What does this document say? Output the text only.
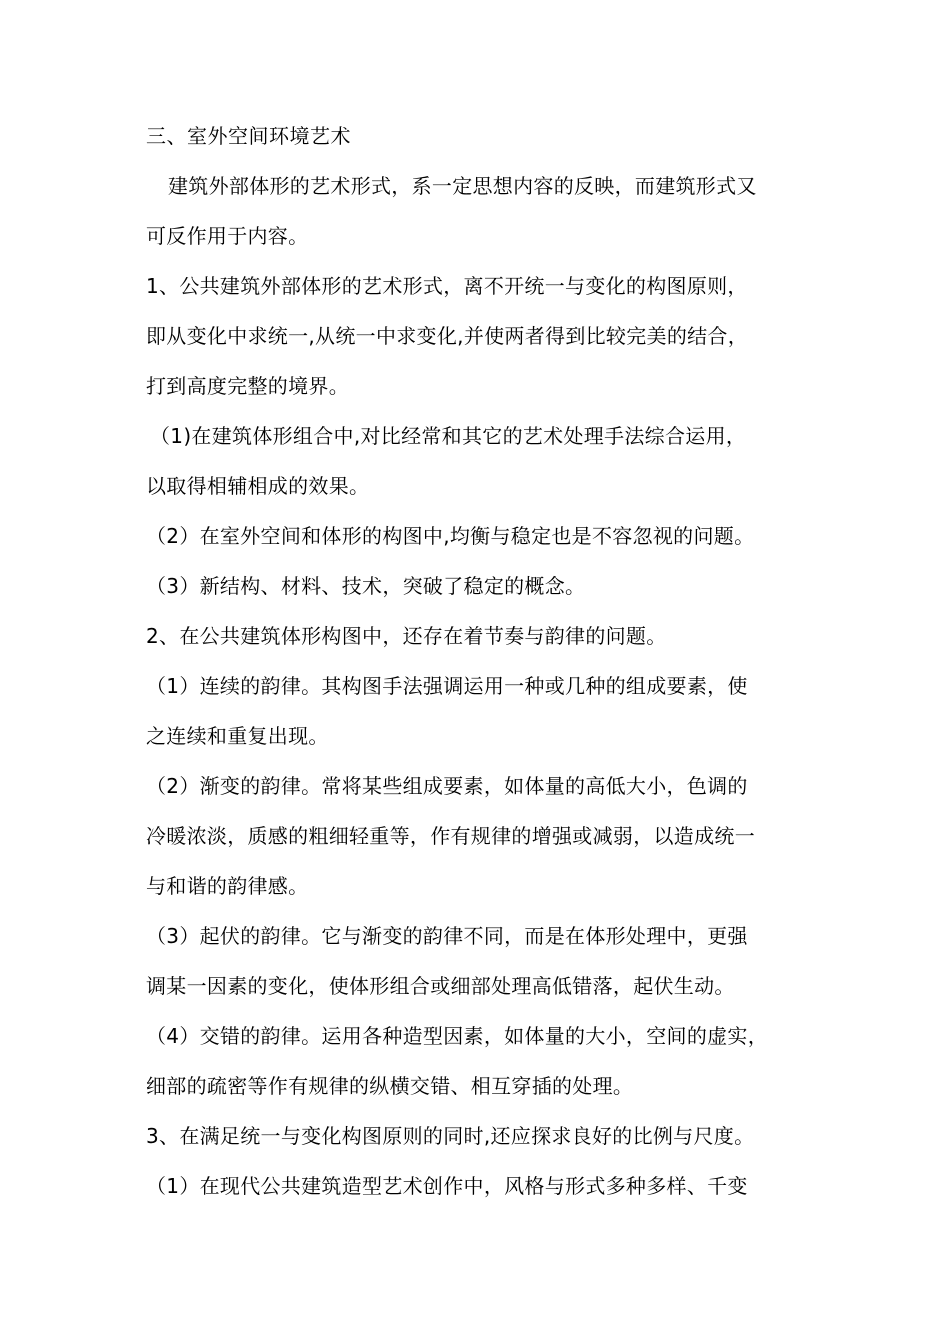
三、室外空间环境艺术
建筑外部体形的艺术形式，系一定思想内容的反映，而建筑形式又
可反作用于内容。
1、公共建筑外部体形的艺术形式，离不开统一与变化的构图原则，
即从变化中求统一,从统一中求变化,并使两者得到比较完美的结合，
打到高度完整的境界。
（1)在建筑体形组合中,对比经常和其它的艺术处理手法综合运用，
以取得相辅相成的效果。
（2）在室外空间和体形的构图中,均衡与稳定也是不容忽视的问题。
（3）新结构、材料、技术，突破了稳定的概念。
2、在公共建筑体形构图中，还存在着节奏与韵律的问题。
（1）连续的韵律。其构图手法强调运用一种或几种的组成要素，使
之连续和重复出现。
（2）渐变的韵律。常将某些组成要素，如体量的高低大小，色调的
冷暖浓淡，质感的粗细轻重等，作有规律的增强或减弱，以造成统一
与和谐的韵律感。
（3）起伏的韵律。它与渐变的韵律不同，而是在体形处理中，更强
调某一因素的变化，使体形组合或细部处理高低错落，起伏生动。
（4）交错的韵律。运用各种造型因素，如体量的大小，空间的虚实，
细部的疏密等作有规律的纵横交错、相互穿插的处理。
3、在满足统一与变化构图原则的同时,还应探求良好的比例与尺度。
（1）在现代公共建筑造型艺术创作中，风格与形式多种多样、千变
